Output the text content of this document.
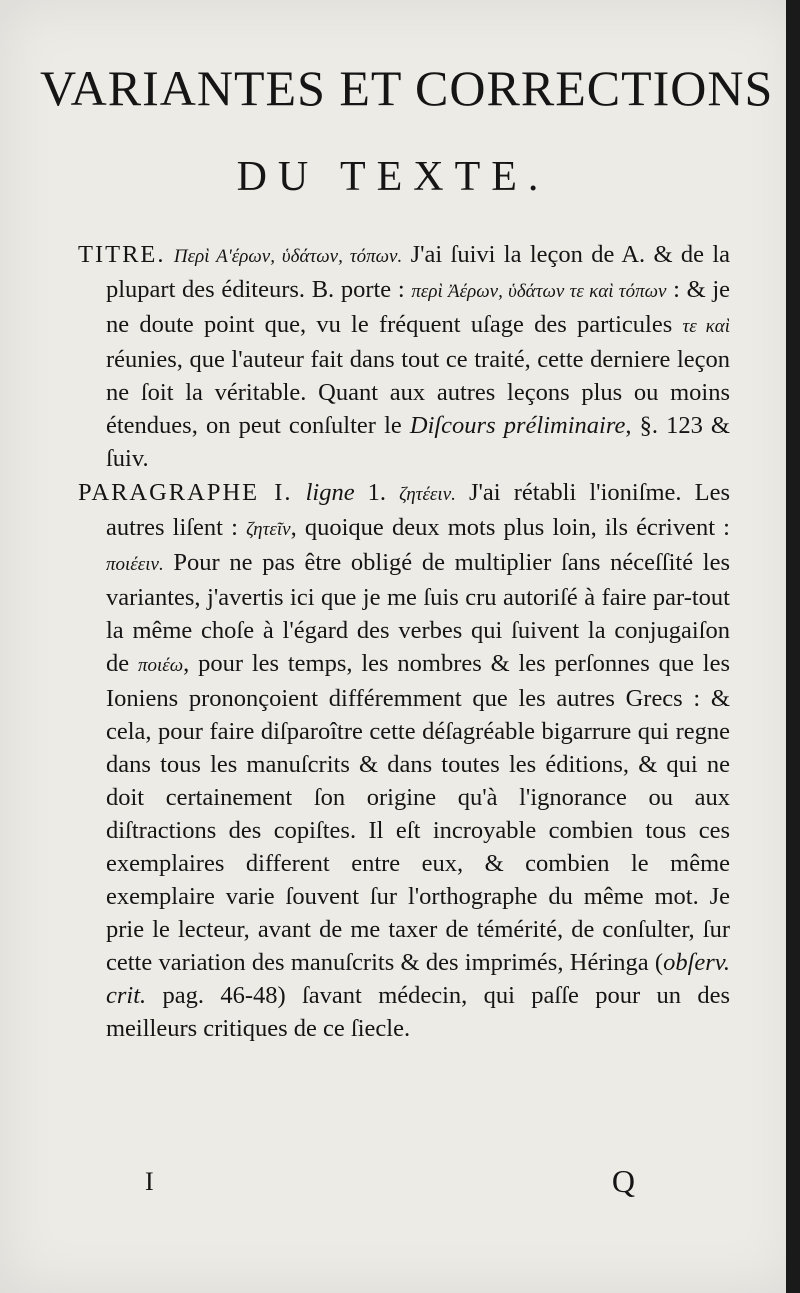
VARIANTES ET CORRECTIONS
DU TEXTE.

TITRE. Περὶ Α'έρων, ὑδάτων, τόπων. J'ai ſuivi la leçon de A. & de la plupart des éditeurs. B. porte : περὶ Ἀέρων, ὑδάτων τε καὶ τόπων : & je ne doute point que, vu le fréquent uſage des particules τε καὶ réunies, que l'auteur fait dans tout ce traité, cette derniere leçon ne ſoit la véritable. Quant aux autres leçons plus ou moins étendues, on peut conſulter le Diſcours préliminaire, §. 123 & ſuiv.

PARAGRAPHE I. ligne 1. ζητέειν. J'ai rétabli l'ioniſme. Les autres liſent : ζητεῖν, quoique deux mots plus loin, ils écrivent : ποιέειν. Pour ne pas être obligé de multiplier ſans néceſſité les variantes, j'avertis ici que je me ſuis cru autoriſé à faire par-tout la même choſe à l'égard des verbes qui ſuivent la conjugaiſon de ποιέω, pour les temps, les nombres & les perſonnes que les Ioniens prononçoient différemment que les autres Grecs : & cela, pour faire diſparoître cette déſagréable bigarrure qui regne dans tous les manuſcrits & dans toutes les éditions, & qui ne doit certainement ſon origine qu'à l'ignorance ou aux diſtractions des copiſtes. Il eſt incroyable combien tous ces exemplaires different entre eux, & combien le même exemplaire varie ſouvent ſur l'orthographe du même mot. Je prie le lecteur, avant de me taxer de témérité, de conſulter, ſur cette variation des manuſcrits & des imprimés, Héringa (obſerv. crit. pag. 46-48) ſavant médecin, qui paſſe pour un des meilleurs critiques de ce ſiecle.

I	Q
